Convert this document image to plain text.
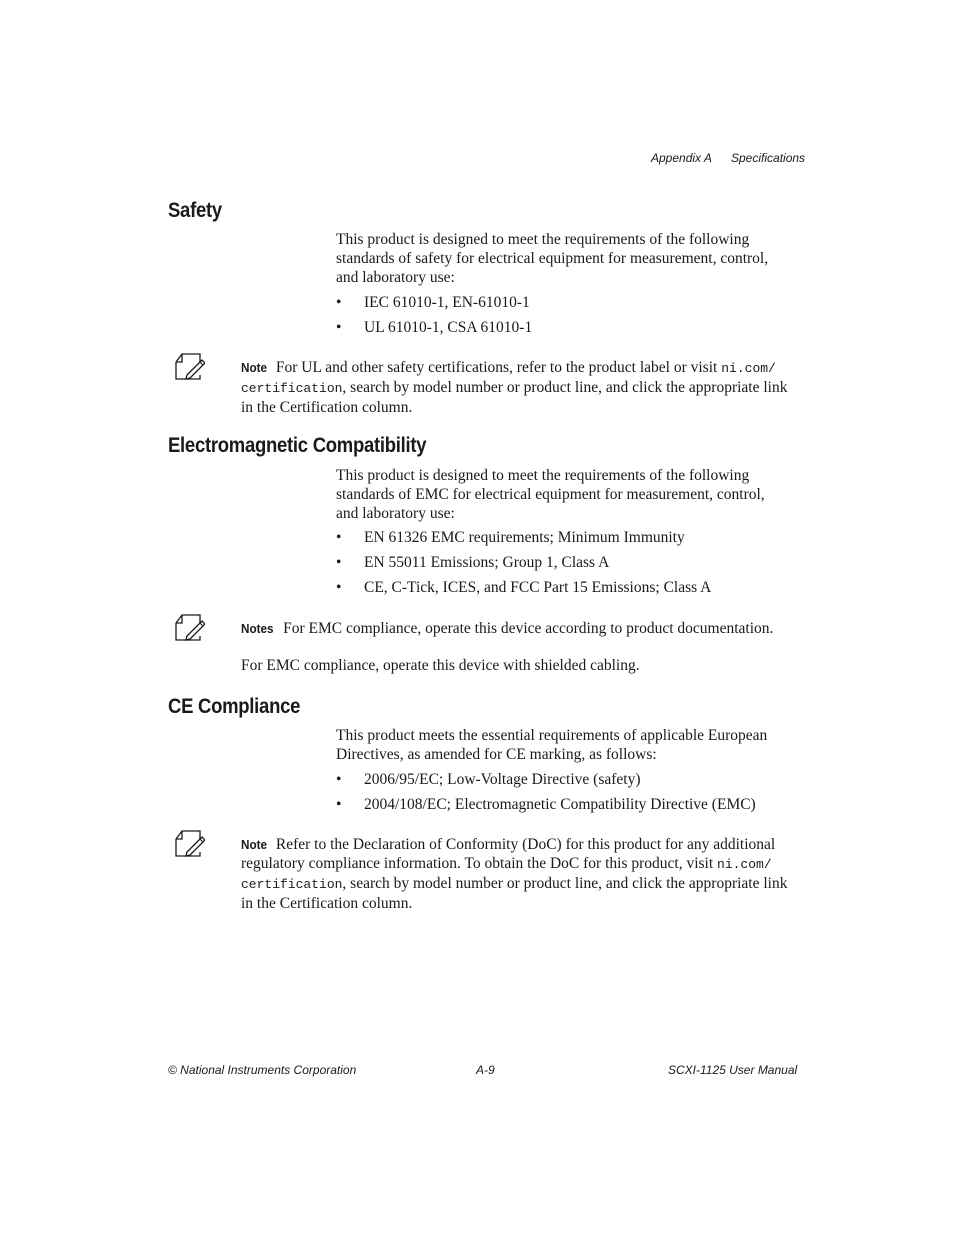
Appendix A Specifications
Safety
This product is designed to meet the requirements of the following
standards of safety for electrical equipment for measurement, control,
and laboratory use:
• IEC 61010-1, EN-61010-1
• UL 61010-1, CSA 61010-1
Note For UL and other safety certifications, refer to the product label or visit ni.com/
certification, search by model number or product line, and click the appropriate link
in the Certification column.
Electromagnetic Compatibility
This product is designed to meet the requirements of the following
standards of EMC for electrical equipment for measurement, control,
and laboratory use:
• EN 61326 EMC requirements; Minimum Immunity
• EN 55011 Emissions; Group 1, Class A
• CE, C-Tick, ICES, and FCC Part 15 Emissions; Class A
Notes For EMC compliance, operate this device according to product documentation.
For EMC compliance, operate this device with shielded cabling.
CE Compliance
This product meets the essential requirements of applicable European
Directives, as amended for CE marking, as follows:
• 2006/95/EC; Low-Voltage Directive (safety)
• 2004/108/EC; Electromagnetic Compatibility Directive (EMC)
Note Refer to the Declaration of Conformity (DoC) for this product for any additional
regulatory compliance information. To obtain the DoC for this product, visit ni.com/
certification, search by model number or product line, and click the appropriate link
in the Certification column.
© National Instruments Corporation	A-9	SCXI-1125 User Manual
